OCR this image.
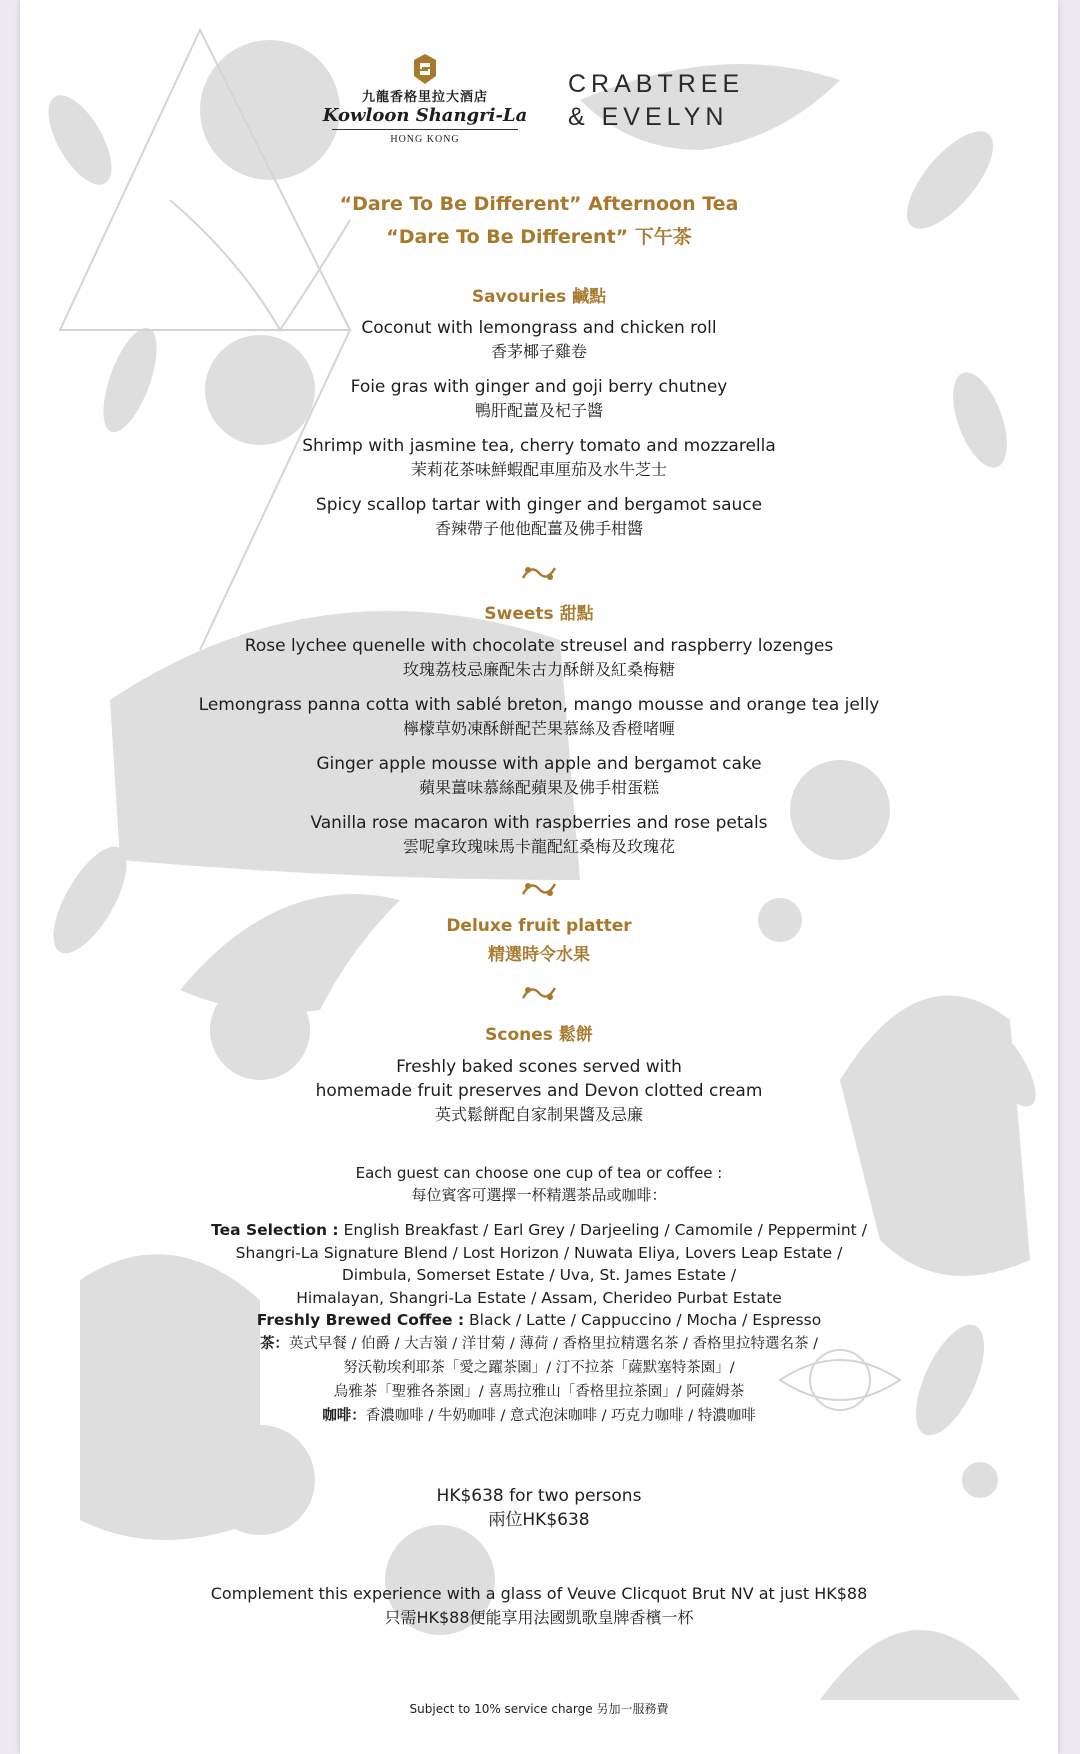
九龍香格里拉大酒店
Kowloon Shangri-La
HONG KONG
CRABTREE
& EVELYN
“Dare To Be Different” Afternoon Tea
“Dare To Be Different” 下午茶
Savouries 鹹點
Coconut with lemongrass and chicken roll
香茅椰子雞卷
Foie gras with ginger and goji berry chutney
鴨肝配薑及杞子醬
Shrimp with jasmine tea, cherry tomato and mozzarella
茉莉花茶味鮮蝦配車厘茄及水牛芝士
Spicy scallop tartar with ginger and bergamot sauce
香辣帶子他他配薑及佛手柑醬
Sweets 甜點
Rose lychee quenelle with chocolate streusel and raspberry lozenges
玫瑰荔枝忌廉配朱古力酥餅及紅桑梅糖
Lemongrass panna cotta with sablé breton, mango mousse and orange tea jelly
檸檬草奶凍酥餅配芒果慕絲及香橙啫喱
Ginger apple mousse with apple and bergamot cake
蘋果薑味慕絲配蘋果及佛手柑蛋糕
Vanilla rose macaron with raspberries and rose petals
雲呢拿玫瑰味馬卡龍配紅桑梅及玫瑰花
Deluxe fruit platter
精選時令水果
Scones 鬆餅
Freshly baked scones served with
homemade fruit preserves and Devon clotted cream
英式鬆餅配自家制果醬及忌廉
Each guest can choose one cup of tea or coffee :
每位賓客可選擇一杯精選茶品或咖啡：
Tea Selection : English Breakfast / Earl Grey / Darjeeling / Camomile / Peppermint /
Shangri-La Signature Blend / Lost Horizon / Nuwata Eliya, Lovers Leap Estate /
Dimbula, Somerset Estate / Uva, St. James Estate /
Himalayan, Shangri-La Estate / Assam, Cherideo Purbat Estate
Freshly Brewed Coffee : Black / Latte / Cappuccino / Mocha / Espresso
茶：英式早餐 / 伯爵 / 大吉嶺 / 洋甘菊 / 薄荷 / 香格里拉精選名茶 / 香格里拉特選名茶 /
努沃勒埃利耶茶「愛之躍茶園」/ 汀不拉茶「薩默塞特茶園」/
烏雅茶「聖雅各茶園」/ 喜馬拉雅山「香格里拉茶園」/ 阿薩姆茶
咖啡：香濃咖啡 / 牛奶咖啡 / 意式泡沫咖啡 / 巧克力咖啡 / 特濃咖啡
HK$638 for two persons
兩位HK$638
Complement this experience with a glass of Veuve Clicquot Brut NV at just HK$88
只需HK$88便能享用法國凱歌皇牌香檳一杯
Subject to 10% service charge 另加一服務費
